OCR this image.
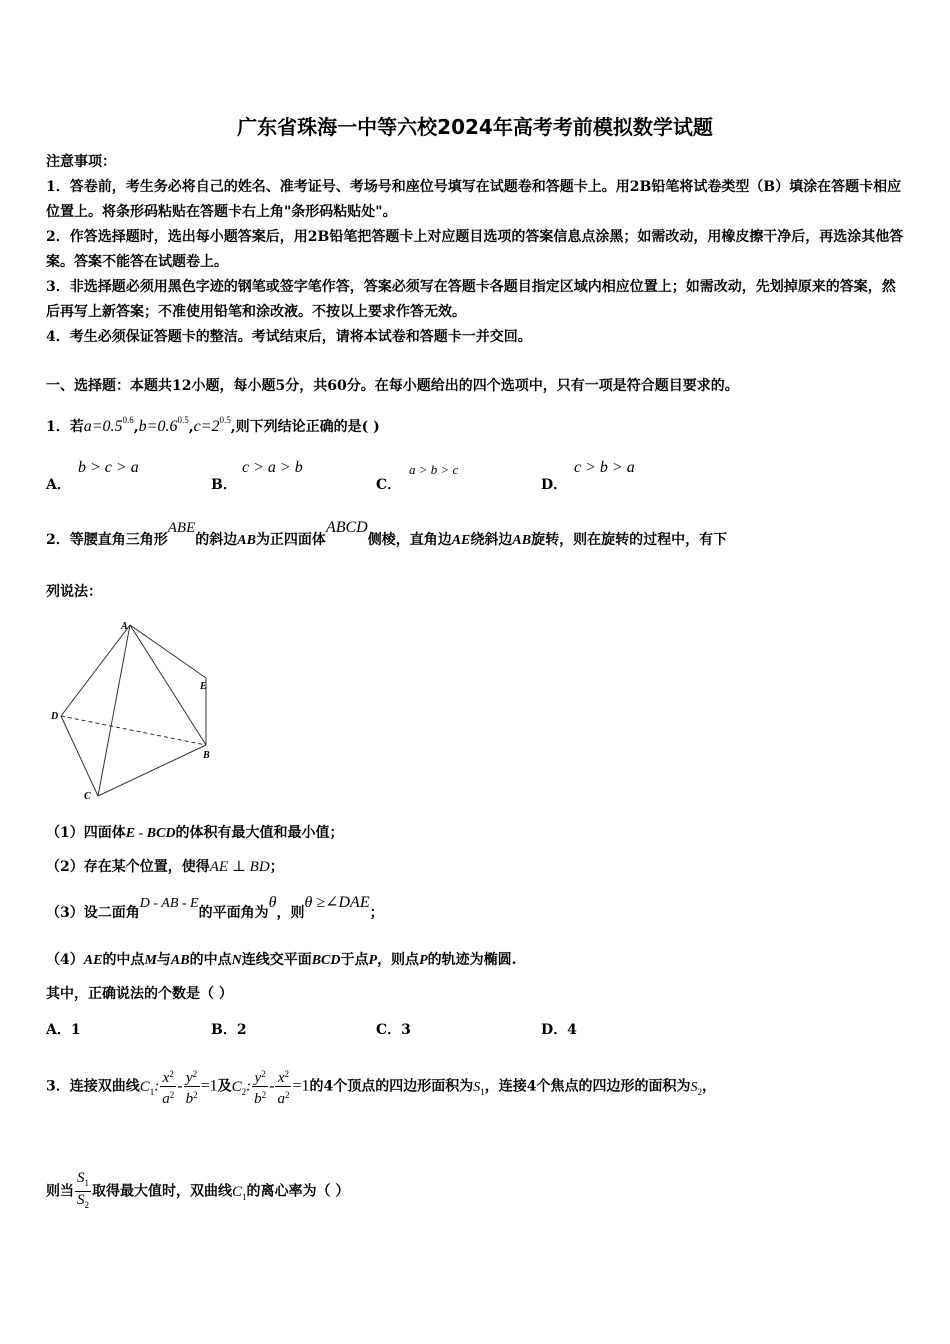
广东省珠海一中等六校2024年高考考前模拟数学试题
注意事项：
1．答卷前，考生务必将自己的姓名、准考证号、考场号和座位号填写在试题卷和答题卡上。用2B铅笔将试卷类型（B）填涂在答题卡相应位置上。将条形码粘贴在答题卡右上角"条形码粘贴处"。
2．作答选择题时，选出每小题答案后，用2B铅笔把答题卡上对应题目选项的答案信息点涂黑；如需改动，用橡皮擦干净后，再选涂其他答案。答案不能答在试题卷上。
3．非选择题必须用黑色字迹的钢笔或签字笔作答，答案必须写在答题卡各题目指定区域内相应位置上；如需改动，先划掉原来的答案，然后再写上新答案；不准使用铅笔和涂改液。不按以上要求作答无效。
4．考生必须保证答题卡的整洁。考试结束后，请将本试卷和答题卡一并交回。
一、选择题：本题共12小题，每小题5分，共60分。在每小题给出的四个选项中，只有一项是符合题目要求的。
1．若$a=0.5^{0.6},b=0.6^{0.5},c=2^{0.5}$,则下列结论正确的是( )
A．
b > c > a
B．
c > a > b
C．
a > b > c
D．
c > b > a
2．等腰直角三角形ABE的斜边AB为正四面体ABCD侧棱，直角边AE绕斜边AB旋转，则在旋转的过程中，有下
列说法：
A
E
D
B
C
（1）四面体E - BCD的体积有最大值和最小值；
（2）存在某个位置，使得AE ⊥ BD；
（3）设二面角D - AB - E的平面角为θ，则θ ≥∠DAE；
（4）AE的中点M与AB的中点N连线交平面BCD于点P，则点P的轨迹为椭圆.
其中，正确说法的个数是（ ）
A．1	B．2	C．3	D．4
3．连接双曲线$C_1$: $\frac{x^2}{a^2} - \frac{y^2}{b^2} =1$及$C_2$: $\frac{y^2}{b^2} - \frac{x^2}{a^2} =1$的4个顶点的四边形面积为$S_1$，连接4个焦点的四边形的面积为$S_2$，
则当 $\frac{S_1}{S_2}$ 取得最大值时，双曲线$C_1$的离心率为（ ）
